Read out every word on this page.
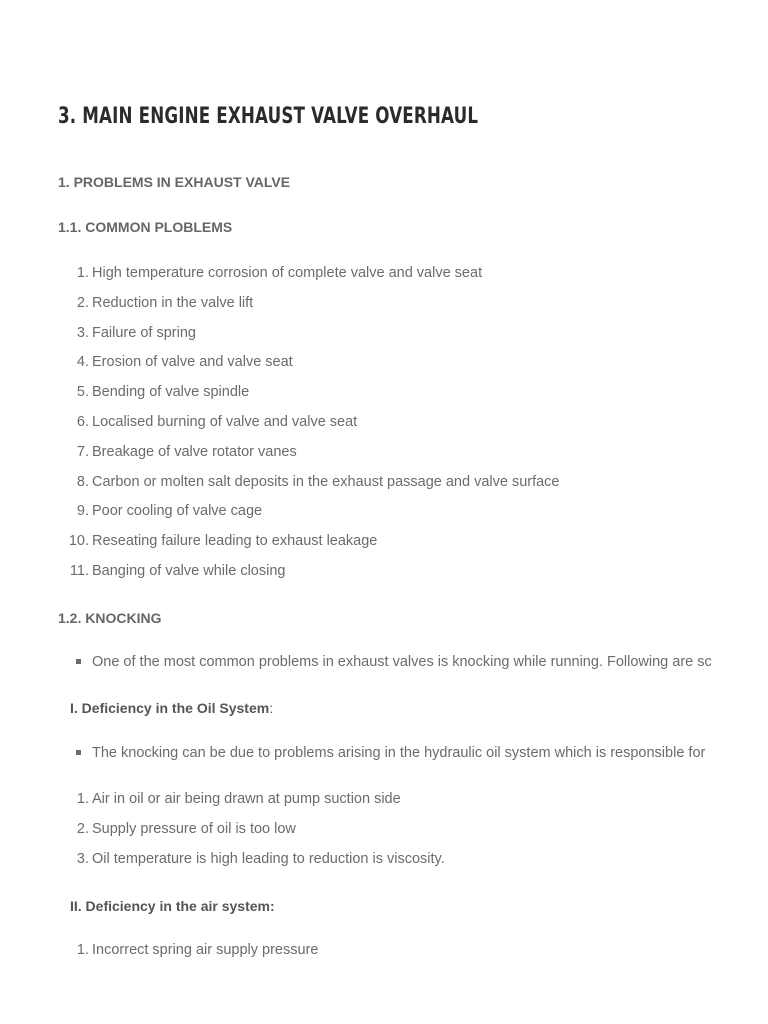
3. MAIN ENGINE EXHAUST VALVE OVERHAUL
1. PROBLEMS IN EXHAUST VALVE
1.1. COMMON PLOBLEMS
1. High temperature corrosion of complete valve and valve seat
2. Reduction in the valve lift
3. Failure of spring
4. Erosion of valve and valve seat
5. Bending of valve spindle
6. Localised burning of valve and valve seat
7. Breakage of valve rotator vanes
8. Carbon or molten salt deposits in the exhaust passage and valve surface
9. Poor cooling of valve cage
10. Reseating failure leading to exhaust leakage
11. Banging of valve while closing
1.2. KNOCKING
One of the most common problems in exhaust valves is knocking while running. Following are sc
I. Deficiency in the Oil System:
The knocking can be due to problems arising in the hydraulic oil system which is responsible for
1. Air in oil or air being drawn at pump suction side
2. Supply pressure of oil is too low
3. Oil temperature is high leading to reduction is viscosity.
II. Deficiency in the air system:
1. Incorrect spring air supply pressure
